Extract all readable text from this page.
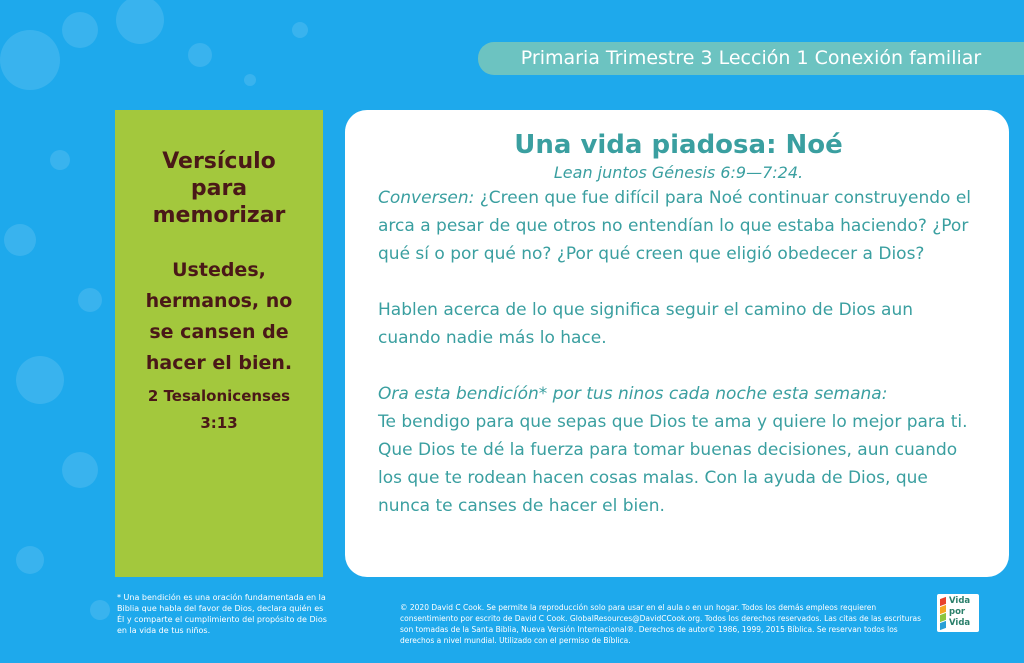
Primaria Trimestre 3 Lección 1 Conexión familiar
Versículo
para
memorizar
Ustedes,
hermanos, no
se cansen de
hacer el bien.
2 Tesalonicenses
3:13

Una vida piadosa: Noé

Lean juntos Génesis 6:9—7:24.

Conversen: ¿Creen que fue difícil para Noé continuar construyendo el arca a pesar de que otros no entendían lo que estaba haciendo? ¿Por qué sí o por qué no? ¿Por qué creen que eligió obedecer a Dios?

Hablen acerca de lo que significa seguir el camino de Dios aun cuando nadie más lo hace.

Ora esta bendicíón* por tus ninos cada noche esta semana:

Te bendigo para que sepas que Dios te ama y quiere lo mejor para ti. Que Dios te dé la fuerza para tomar buenas decisiones, aun cuando los que te rodean hacen cosas malas. Con la ayuda de Dios, que nunca te canses de hacer el bien.

* Una bendición es una oración fundamentada en la Biblia que habla del favor de Dios, declara quién es Él y comparte el cumplimiento del propósito de Dios en la vida de tus niños.
© 2020 David C Cook. Se permite la reproducción solo para usar en el aula o en un hogar. Todos los demás empleos requieren consentimiento por escrito de David C Cook. GlobalResources@DavidCCook.org. Todos los derechos reservados. Las citas de las escrituras son tomadas de la Santa Biblia, Nueva Versión Internacional®. Derechos de autor© 1986, 1999, 2015 Bíblica. Se reservan todos los derechos a nivel mundial. Utilizado con el permiso de Bíblica.
Vida
por
Vida
